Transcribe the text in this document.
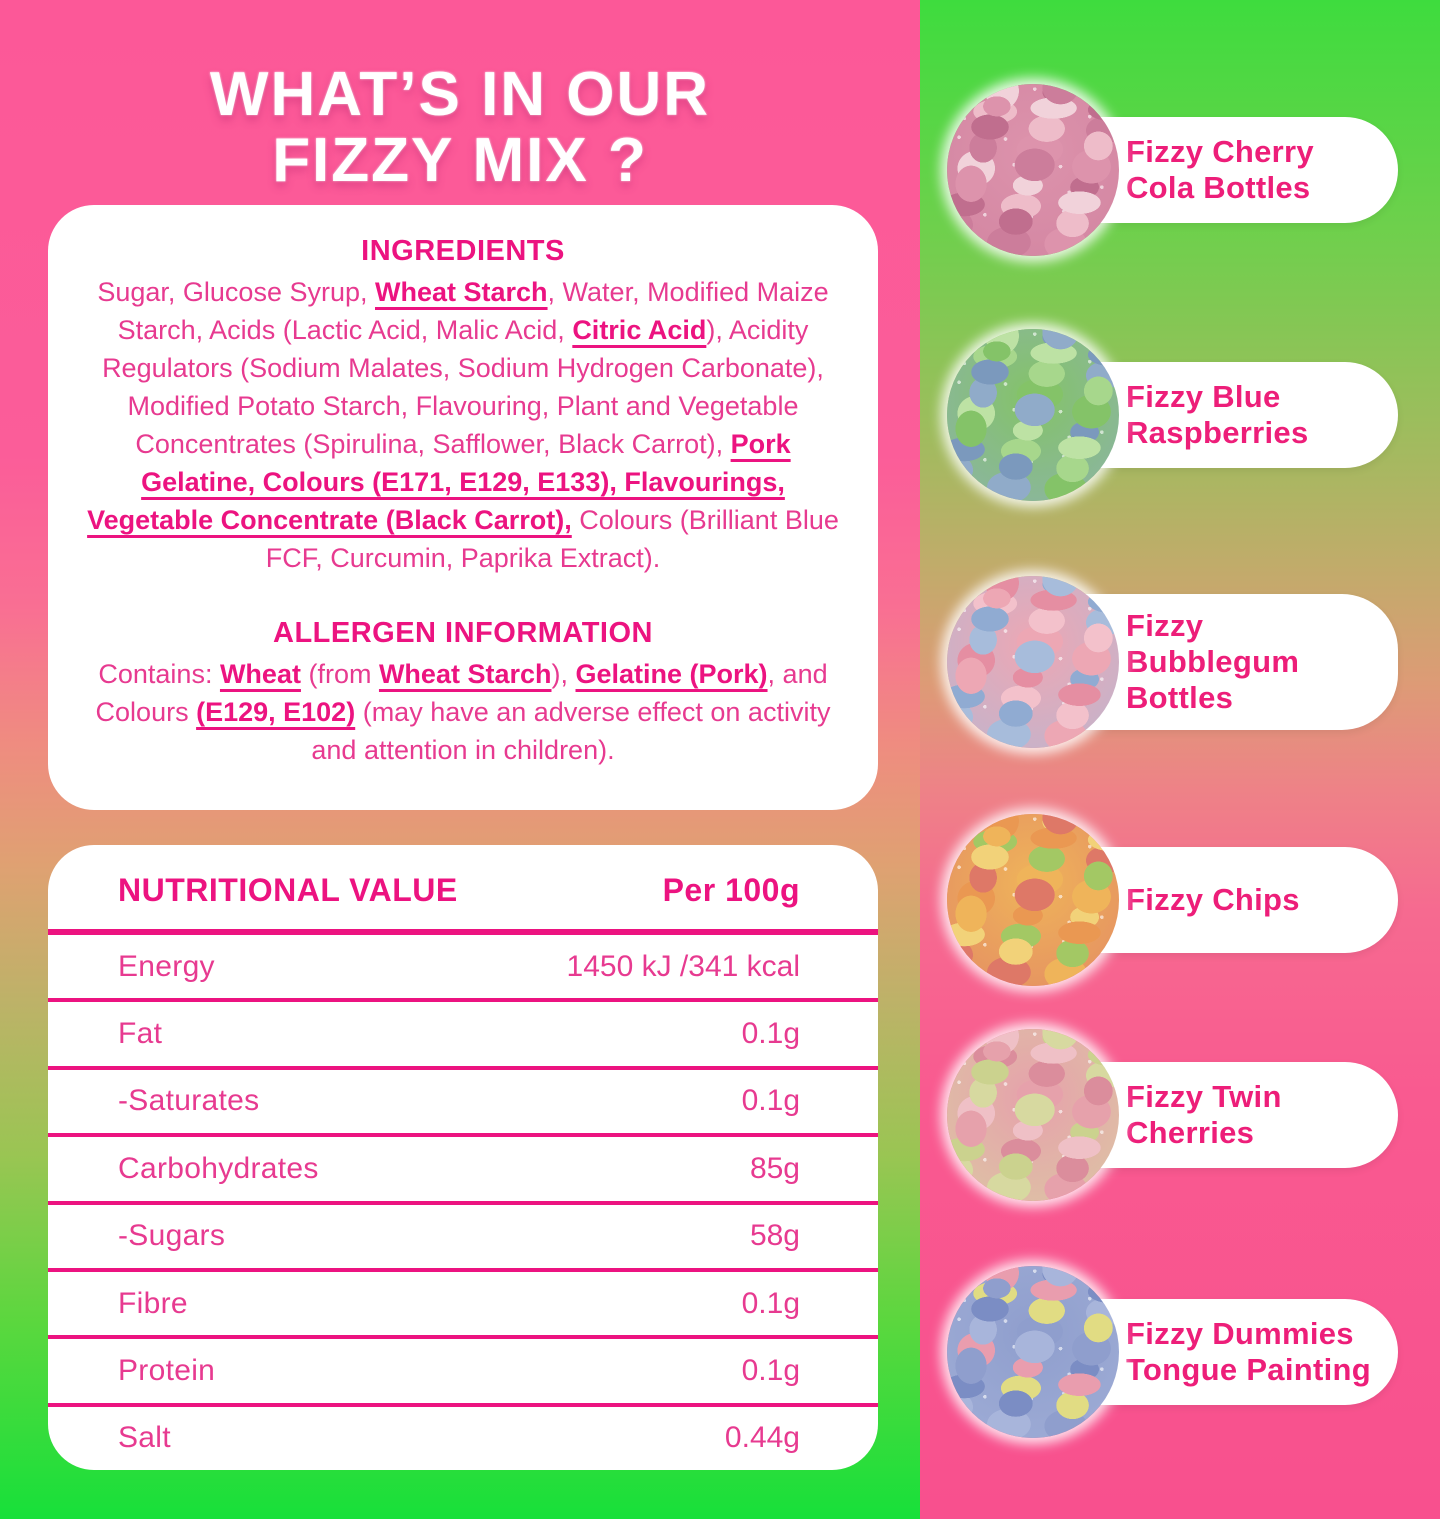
WHAT’S IN OUR
FIZZY MIX ?
INGREDIENTS
Sugar, Glucose Syrup, Wheat Starch, Water, Modified Maize Starch, Acids (Lactic Acid, Malic Acid, Citric Acid), Acidity Regulators (Sodium Malates, Sodium Hydrogen Carbonate), Modified Potato Starch, Flavouring, Plant and Vegetable Concentrates (Spirulina, Safflower, Black Carrot), Pork Gelatine, Colours (E171, E129, E133), Flavourings, Vegetable Concentrate (Black Carrot), Colours (Brilliant Blue FCF, Curcumin, Paprika Extract).
ALLERGEN INFORMATION
Contains: Wheat (from Wheat Starch), Gelatine (Pork), and Colours (E129, E102) (may have an adverse effect on activity and attention in children).
NUTRITIONAL VALUE	Per 100g
Energy	1450 kJ /341 kcal
Fat	0.1g
-Saturates	0.1g
Carbohydrates	85g
-Sugars	58g
Fibre	0.1g
Protein	0.1g
Salt	0.44g
Fizzy Cherry
Cola Bottles
Fizzy Blue
Raspberries
Fizzy
Bubblegum
Bottles
Fizzy Chips
Fizzy Twin
Cherries
Fizzy Dummies
Tongue Painting
